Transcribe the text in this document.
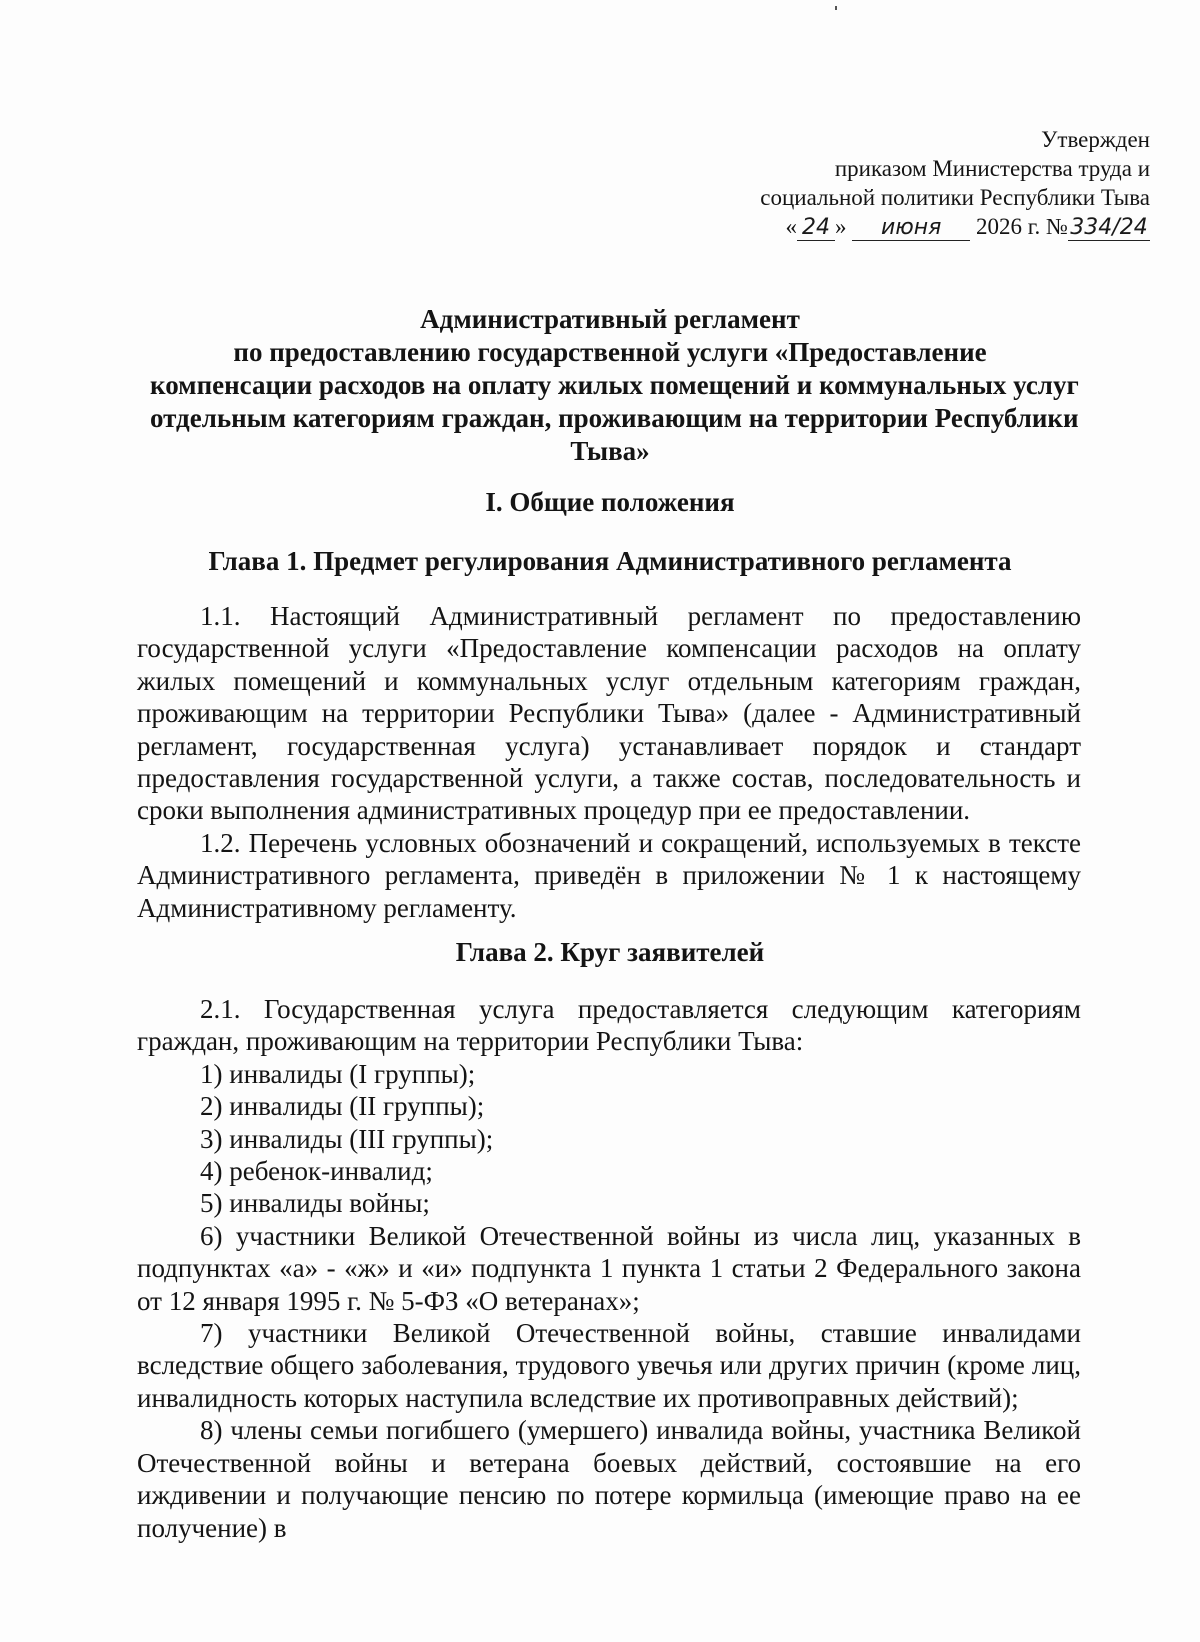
Утвержден
приказом Министерства труда и
социальной политики Республики Тыва
« 24 » июня 2026 г. № 334/24
Административный регламент
по предоставлению государственной услуги «Предоставление
компенсации расходов на оплату жилых помещений и коммунальных услуг
отдельным категориям граждан, проживающим на территории Республики
Тыва»
I. Общие положения
Глава 1. Предмет регулирования Административного регламента

1.1. Настоящий Административный регламент по предоставлению государственной услуги «Предоставление компенсации расходов на оплату жилых помещений и коммунальных услуг отдельным категориям граждан, проживающим на территории Республики Тыва» (далее - Административный регламент, государственная услуга) устанавливает порядок и стандарт предоставления государственной услуги, а также состав, последовательность и сроки выполнения административных процедур при ее предоставлении.

1.2. Перечень условных обозначений и сокращений, используемых в тексте Административного регламента, приведён в приложении № 1 к настоящему Административному регламенту.

Глава 2. Круг заявителей

2.1. Государственная услуга предоставляется следующим категориям граждан, проживающим на территории Республики Тыва:

1) инвалиды (I группы);

2) инвалиды (II группы);

3) инвалиды (III группы);

4) ребенок-инвалид;

5) инвалиды войны;

6) участники Великой Отечественной войны из числа лиц, указанных в подпунктах «а» - «ж» и «и» подпункта 1 пункта 1 статьи 2 Федерального закона от 12 января 1995 г. № 5-ФЗ «О ветеранах»;

7) участники Великой Отечественной войны, ставшие инвалидами вследствие общего заболевания, трудового увечья или других причин (кроме лиц, инвалидность которых наступила вследствие их противоправных действий);

8) члены семьи погибшего (умершего) инвалида войны, участника Великой Отечественной войны и ветерана боевых действий, состоявшие на его иждивении и получающие пенсию по потере кормильца (имеющие право на ее получение) в
